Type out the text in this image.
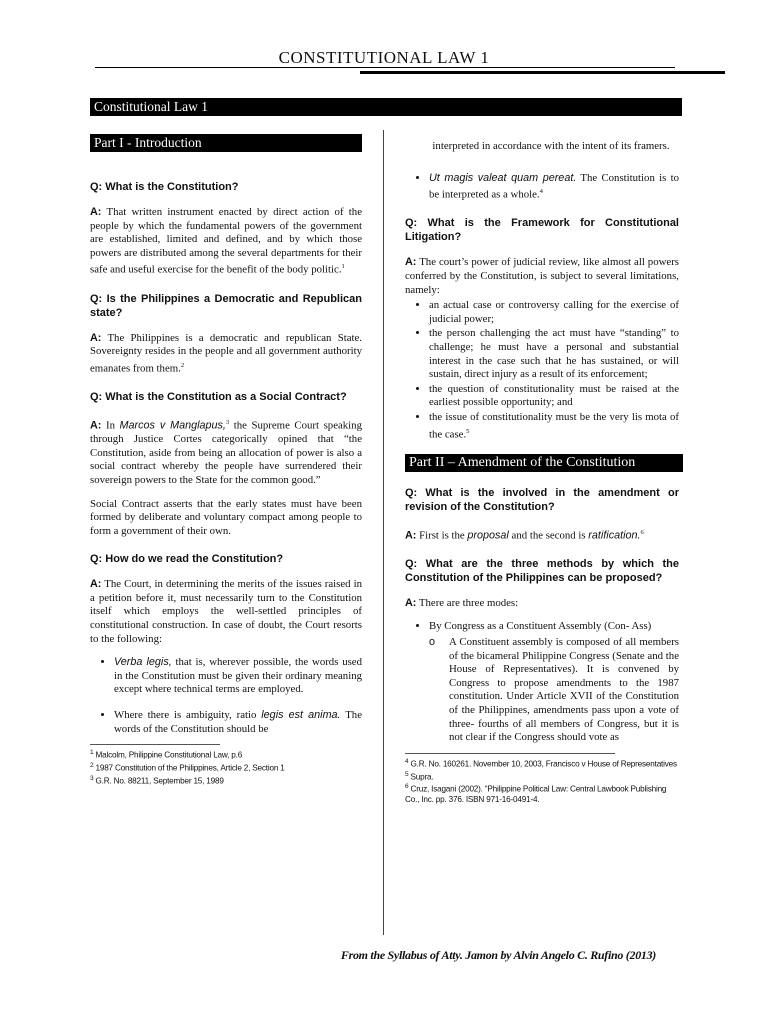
CONSTITUTIONAL LAW 1
Constitutional Law 1
Part I - Introduction
Q: What is the Constitution?

A: That written instrument enacted by direct action of the people by which the fundamental powers of the government are established, limited and defined, and by which those powers are distributed among the several departments for their safe and useful exercise for the benefit of the body politic.$^1$

Q: Is the Philippines a Democratic and Republican state?

A: The Philippines is a democratic and republican State. Sovereignty resides in the people and all government authority emanates from them.$^2$

Q: What is the Constitution as a Social Contract?

A: In Marcos v Manglapus,$^3$ the Supreme Court speaking through Justice Cortes categorically opined that “the Constitution, aside from being an allocation of power is also a social contract whereby the people have surrendered their sovereign powers to the State for the common good.”

Social Contract asserts that the early states must have been formed by deliberate and voluntary compact among people to form a government of their own.

Q: How do we read the Constitution?

A: The Court, in determining the merits of the issues raised in a petition before it, must necessarily turn to the Constitution itself which employs the well-settled principles of constitutional construction. In case of doubt, the Court resorts to the following:

• Verba legis, that is, wherever possible, the words used in the Constitution must be given their ordinary meaning except where technical terms are employed.
• Where there is ambiguity, ratio legis est anima. The words of the Constitution should be
$^1$ Malcolm, Philippine Constitutional Law, p.6
$^2$ 1987 Constitution of the Philippines, Article 2, Section 1
$^3$ G.R. No. 88211, September 15, 1989

interpreted in accordance with the intent of its framers.

• Ut magis valeat quam pereat. The Constitution is to be interpreted as a whole.$^4$
Q: What is the Framework for Constitutional Litigation?

A: The court’s power of judicial review, like almost all powers conferred by the Constitution, is subject to several limitations, namely:

• an actual case or controversy calling for the exercise of judicial power;
• the person challenging the act must have “standing” to challenge; he must have a personal and substantial interest in the case such that he has sustained, or will sustain, direct injury as a result of its enforcement;
• the question of constitutionality must be raised at the earliest possible opportunity; and
• the issue of constitutionality must be the very lis mota of the case.$^5$
Part II – Amendment of the Constitution
Q: What is the involved in the amendment or revision of the Constitution?

A: First is the proposal and the second is ratification.$^6$

Q: What are the three methods by which the Constitution of the Philippines can be proposed?

A: There are three modes:

• By Congress as a Constituent Assembly (Con- Ass)
o A Constituent assembly is composed of all members of the bicameral Philippine Congress (Senate and the House of Representatives). It is convened by Congress to propose amendments to the 1987 constitution. Under Article XVII of the Constitution of the Philippines, amendments pass upon a vote of three- fourths of all members of Congress, but it is not clear if the Congress should vote as
$^4$ G.R. No. 160261. November 10, 2003, Francisco v House of Representatives
$^5$ Supra.
$^6$ Cruz, Isagani (2002). “Philippine Political Law: Central Lawbook Publishing Co., Inc. pp. 376. ISBN 971-16-0491-4.
From the Syllabus of Atty. Jamon by Alvin Angelo C. Rufino (2013)
